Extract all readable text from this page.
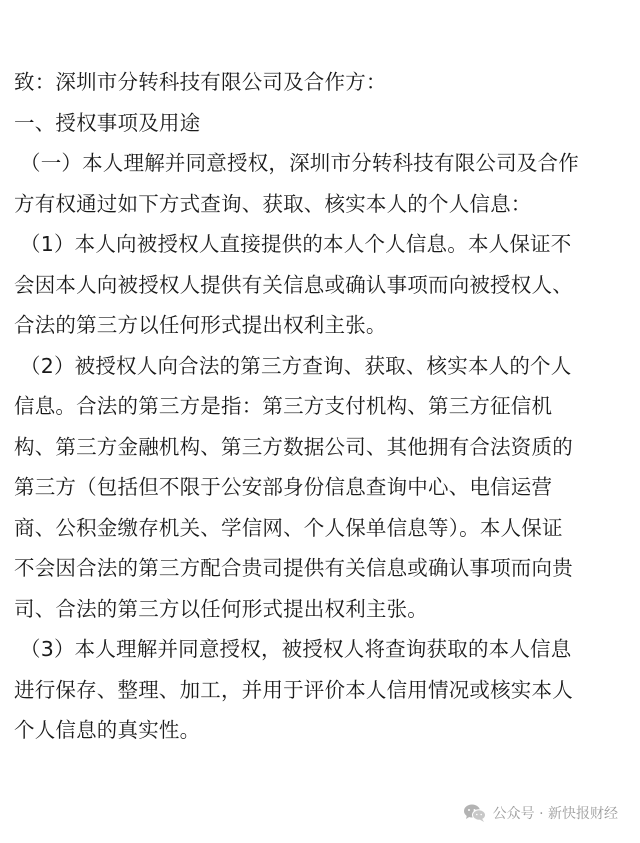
致：深圳市分转科技有限公司及合作方：
一、授权事项及用途
（一）本人理解并同意授权，深圳市分转科技有限公司及合作
方有权通过如下方式查询、获取、核实本人的个人信息：
（1）本人向被授权人直接提供的本人个人信息。本人保证不
会因本人向被授权人提供有关信息或确认事项而向被授权人、
合法的第三方以任何形式提出权利主张。
（2）被授权人向合法的第三方查询、获取、核实本人的个人
信息。合法的第三方是指：第三方支付机构、第三方征信机
构、第三方金融机构、第三方数据公司、其他拥有合法资质的
第三方（包括但不限于公安部身份信息查询中心、电信运营
商、公积金缴存机关、学信网、个人保单信息等）。本人保证
不会因合法的第三方配合贵司提供有关信息或确认事项而向贵
司、合法的第三方以任何形式提出权利主张。
（3）本人理解并同意授权，被授权人将查询获取的本人信息
进行保存、整理、加工，并用于评价本人信用情况或核实本人
个人信息的真实性。
公众号 · 新快报财经
